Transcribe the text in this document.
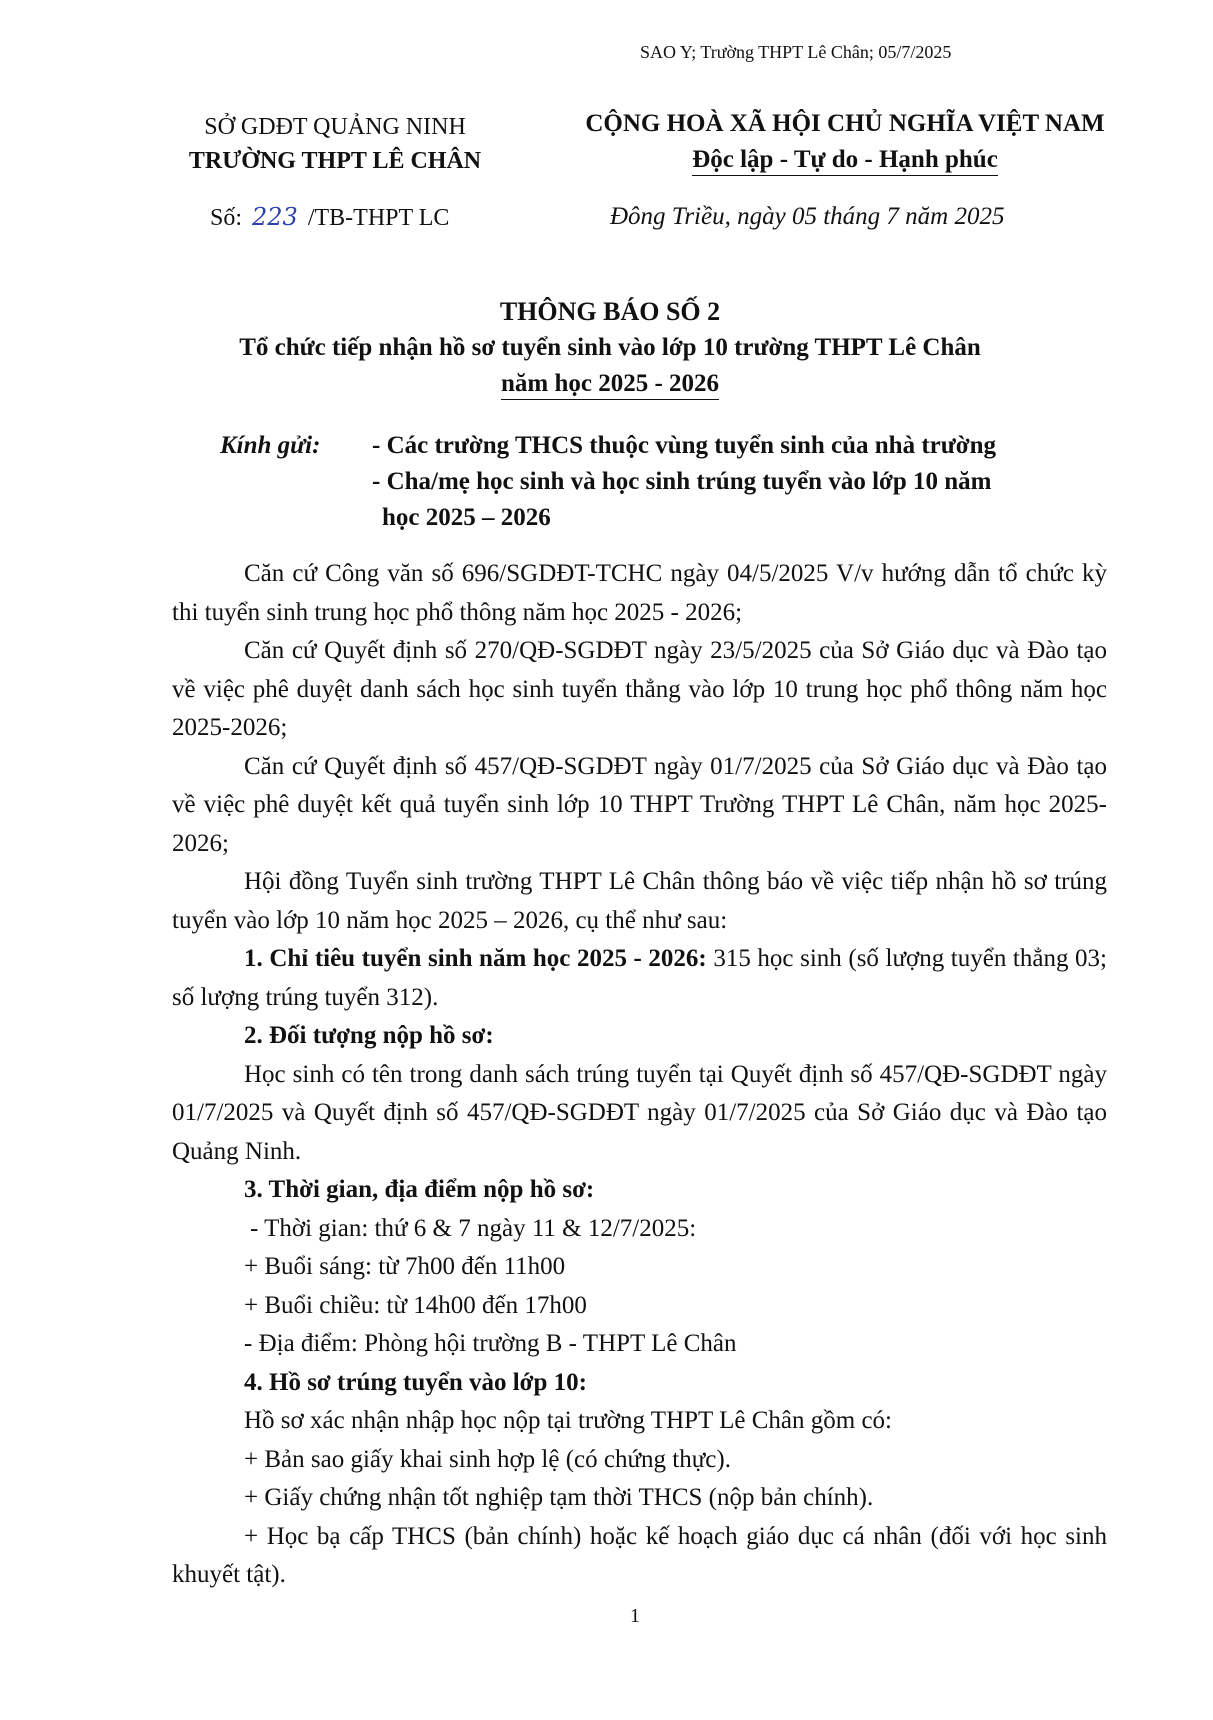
SAO Y; Trường THPT Lê Chân; 05/7/2025
SỞ GDĐT QUẢNG NINH
TRƯỜNG THPT LÊ CHÂN
CỘNG HOÀ XÃ HỘI CHỦ NGHĨA VIỆT NAM
Độc lập - Tự do - Hạnh phúc
Số: 223 /TB-THPT LC	Đông Triều, ngày 05 tháng 7 năm 2025
THÔNG BÁO SỐ 2
Tổ chức tiếp nhận hồ sơ tuyển sinh vào lớp 10 trường THPT Lê Chân
năm học 2025 - 2026
Kính gửi: - Các trường THCS thuộc vùng tuyển sinh của nhà trường
- Cha/mẹ học sinh và học sinh trúng tuyển vào lớp 10 năm
học 2025 – 2026

Căn cứ Công văn số 696/SGDĐT-TCHC ngày 04/5/2025 V/v hướng dẫn tổ chức kỳ thi tuyển sinh trung học phổ thông năm học 2025 - 2026;

Căn cứ Quyết định số 270/QĐ-SGDĐT ngày 23/5/2025 của Sở Giáo dục và Đào tạo về việc phê duyệt danh sách học sinh tuyển thẳng vào lớp 10 trung học phổ thông năm học 2025-2026;

Căn cứ Quyết định số 457/QĐ-SGDĐT ngày 01/7/2025 của Sở Giáo dục và Đào tạo về việc phê duyệt kết quả tuyển sinh lớp 10 THPT Trường THPT Lê Chân, năm học 2025-2026;

Hội đồng Tuyển sinh trường THPT Lê Chân thông báo về việc tiếp nhận hồ sơ trúng tuyển vào lớp 10 năm học 2025 – 2026, cụ thể như sau:

1. Chỉ tiêu tuyển sinh năm học 2025 - 2026: 315 học sinh (số lượng tuyển thẳng 03; số lượng trúng tuyển 312).

2. Đối tượng nộp hồ sơ:

Học sinh có tên trong danh sách trúng tuyển tại Quyết định số 457/QĐ-SGDĐT ngày 01/7/2025 và Quyết định số 457/QĐ-SGDĐT ngày 01/7/2025 của Sở Giáo dục và Đào tạo Quảng Ninh.

3. Thời gian, địa điểm nộp hồ sơ:

- Thời gian: thứ 6 & 7 ngày 11 & 12/7/2025:

+ Buổi sáng: từ 7h00 đến 11h00

+ Buổi chiều: từ 14h00 đến 17h00

- Địa điểm: Phòng hội trường B - THPT Lê Chân

4. Hồ sơ trúng tuyển vào lớp 10:

Hồ sơ xác nhận nhập học nộp tại trường THPT Lê Chân gồm có:

+ Bản sao giấy khai sinh hợp lệ (có chứng thực).

+ Giấy chứng nhận tốt nghiệp tạm thời THCS (nộp bản chính).

+ Học bạ cấp THCS (bản chính) hoặc kế hoạch giáo dục cá nhân (đối với học sinh khuyết tật).

1
